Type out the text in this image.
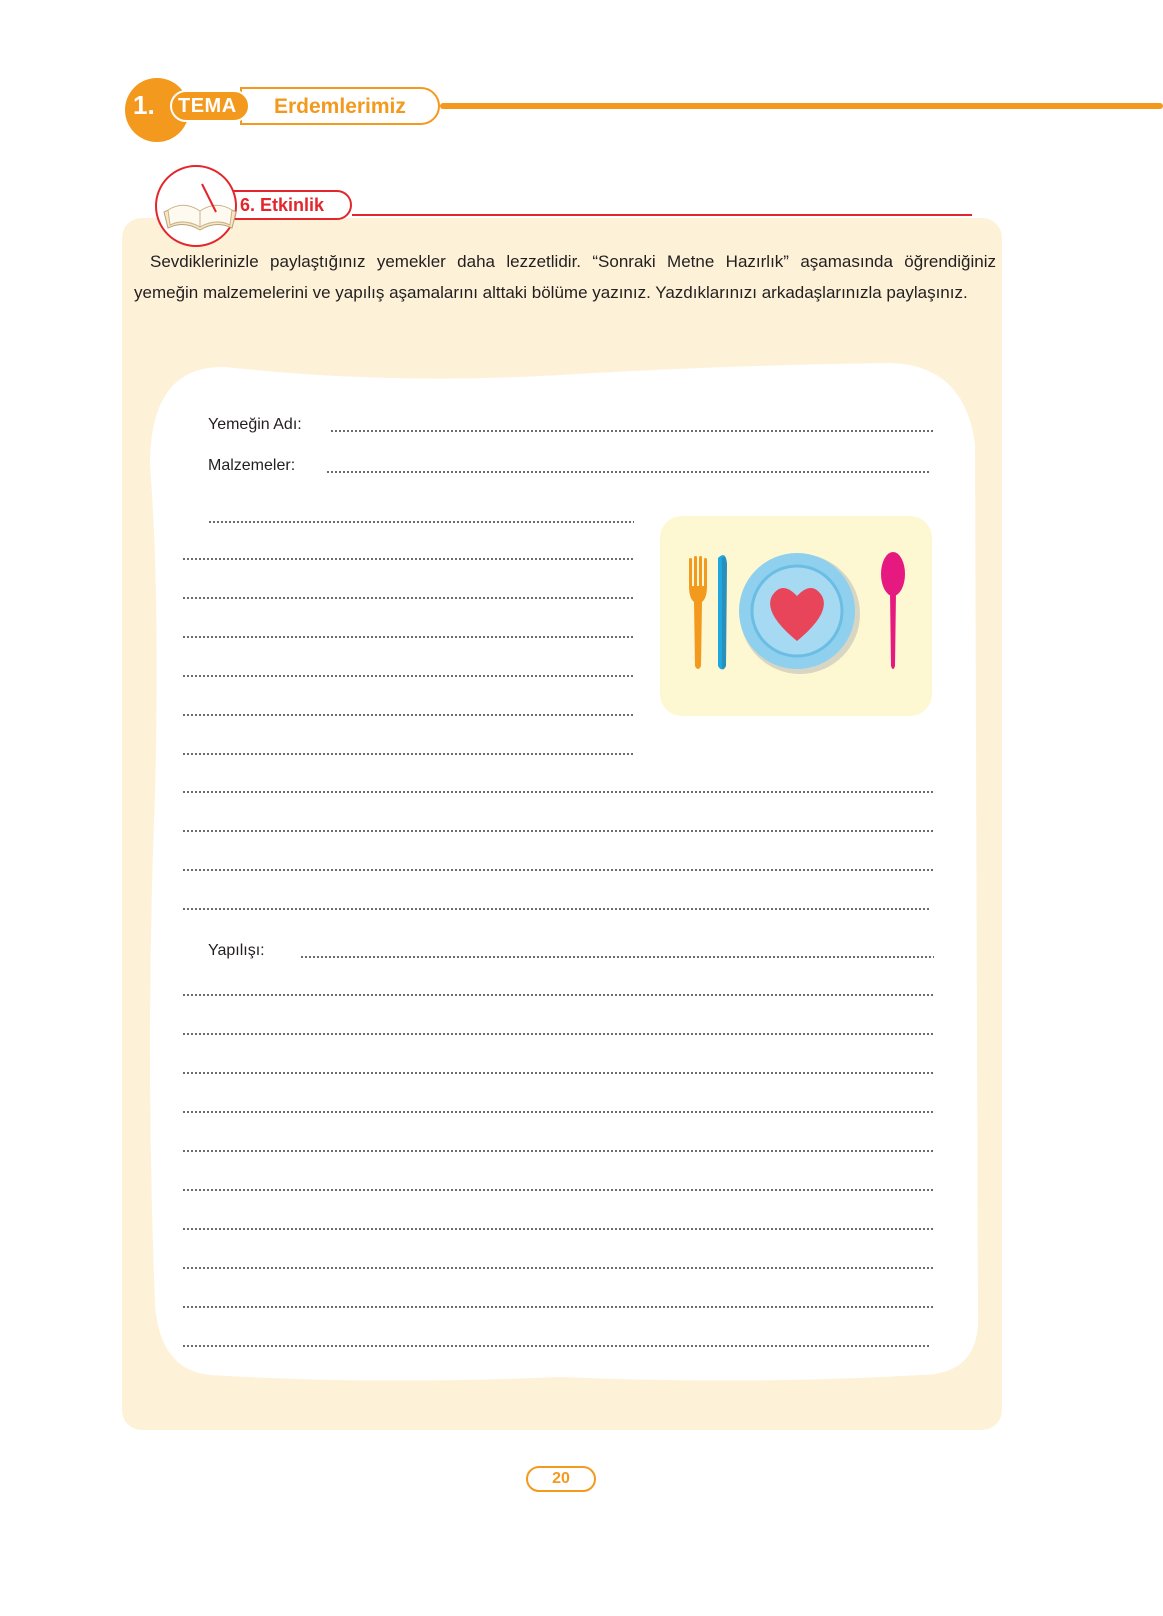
1. TEMA Erdemlerimiz
6. Etkinlik

Sevdiklerinizle paylaştığınız yemekler daha lezzetlidir. “Sonraki Metne Hazırlık” aşamasında öğrendiğiniz yemeğin malzemelerini ve yapılış aşamalarını alttaki bölüme yazınız. Yazdıklarınızı arkadaşlarınızla paylaşınız.

Yemeğin Adı:
Malzemeler:
Yapılışı:
20
